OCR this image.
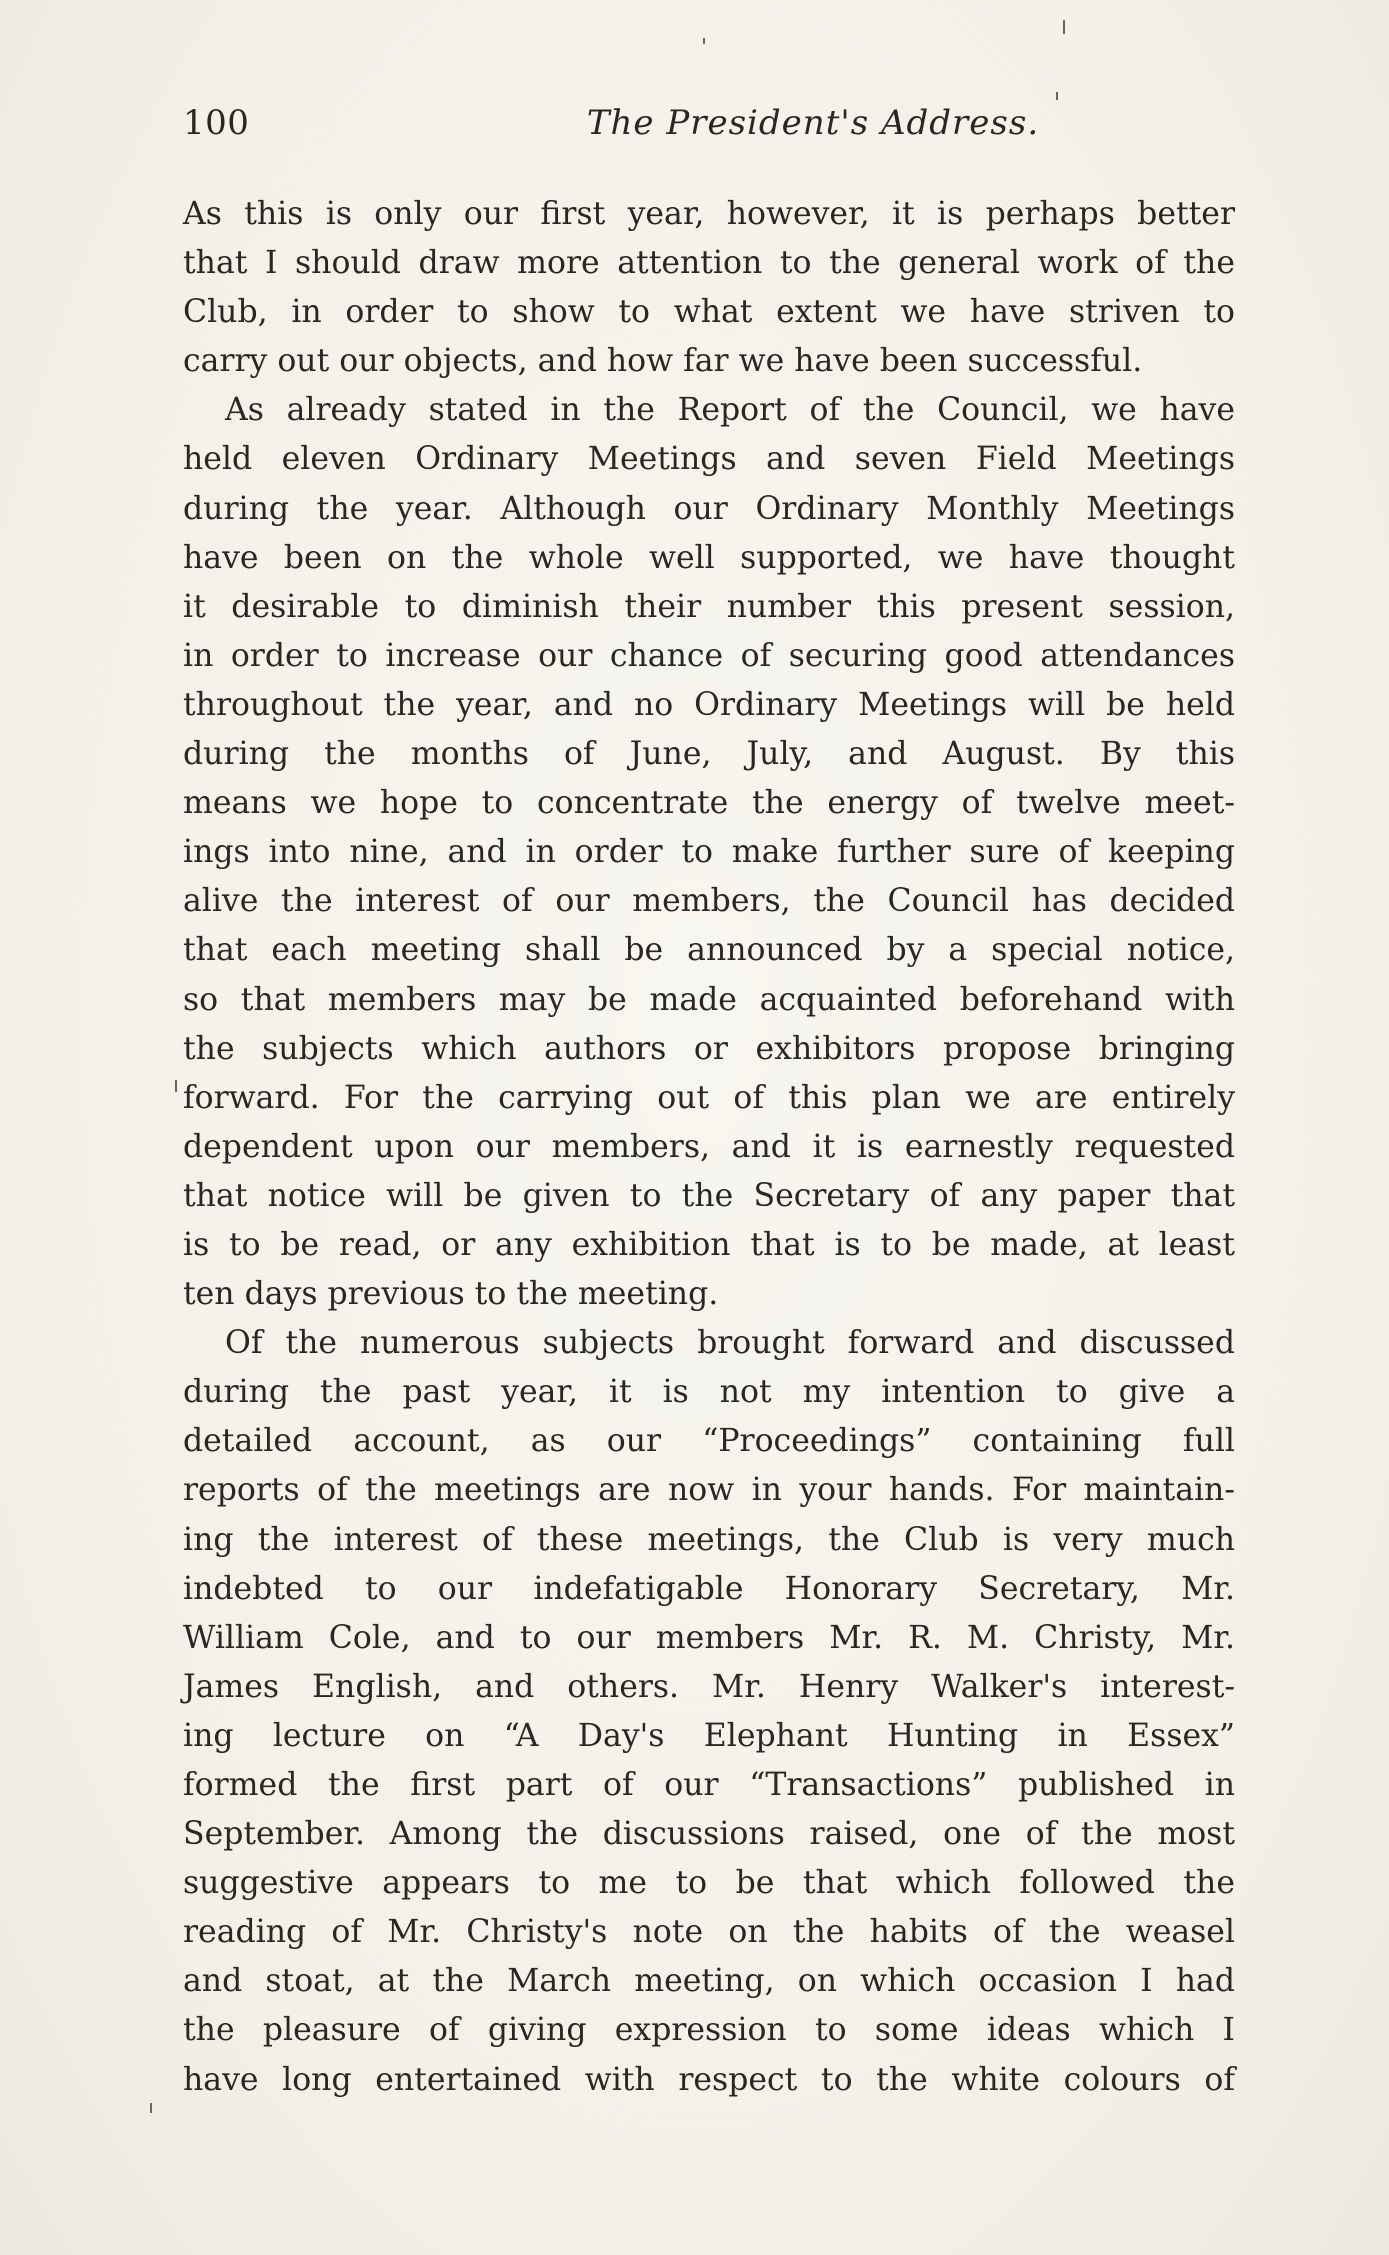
100	The President's Address.
As this is only our first year, however, it is perhaps better
that I should draw more attention to the general work of the
Club, in order to show to what extent we have striven to
carry out our objects, and how far we have been successful.
As already stated in the Report of the Council, we have
held eleven Ordinary Meetings and seven Field Meetings
during the year. Although our Ordinary Monthly Meetings
have been on the whole well supported, we have thought
it desirable to diminish their number this present session,
in order to increase our chance of securing good attendances
throughout the year, and no Ordinary Meetings will be held
during the months of June, July, and August. By this
means we hope to concentrate the energy of twelve meet-
ings into nine, and in order to make further sure of keeping
alive the interest of our members, the Council has decided
that each meeting shall be announced by a special notice,
so that members may be made acquainted beforehand with
the subjects which authors or exhibitors propose bringing
forward. For the carrying out of this plan we are entirely
dependent upon our members, and it is earnestly requested
that notice will be given to the Secretary of any paper that
is to be read, or any exhibition that is to be made, at least
ten days previous to the meeting.
Of the numerous subjects brought forward and discussed
during the past year, it is not my intention to give a
detailed account, as our “Proceedings” containing full
reports of the meetings are now in your hands. For maintain-
ing the interest of these meetings, the Club is very much
indebted to our indefatigable Honorary Secretary, Mr.
William Cole, and to our members Mr. R. M. Christy, Mr.
James English, and others. Mr. Henry Walker's interest-
ing lecture on “A Day's Elephant Hunting in Essex”
formed the first part of our “Transactions” published in
September. Among the discussions raised, one of the most
suggestive appears to me to be that which followed the
reading of Mr. Christy's note on the habits of the weasel
and stoat, at the March meeting, on which occasion I had
the pleasure of giving expression to some ideas which I
have long entertained with respect to the white colours of
